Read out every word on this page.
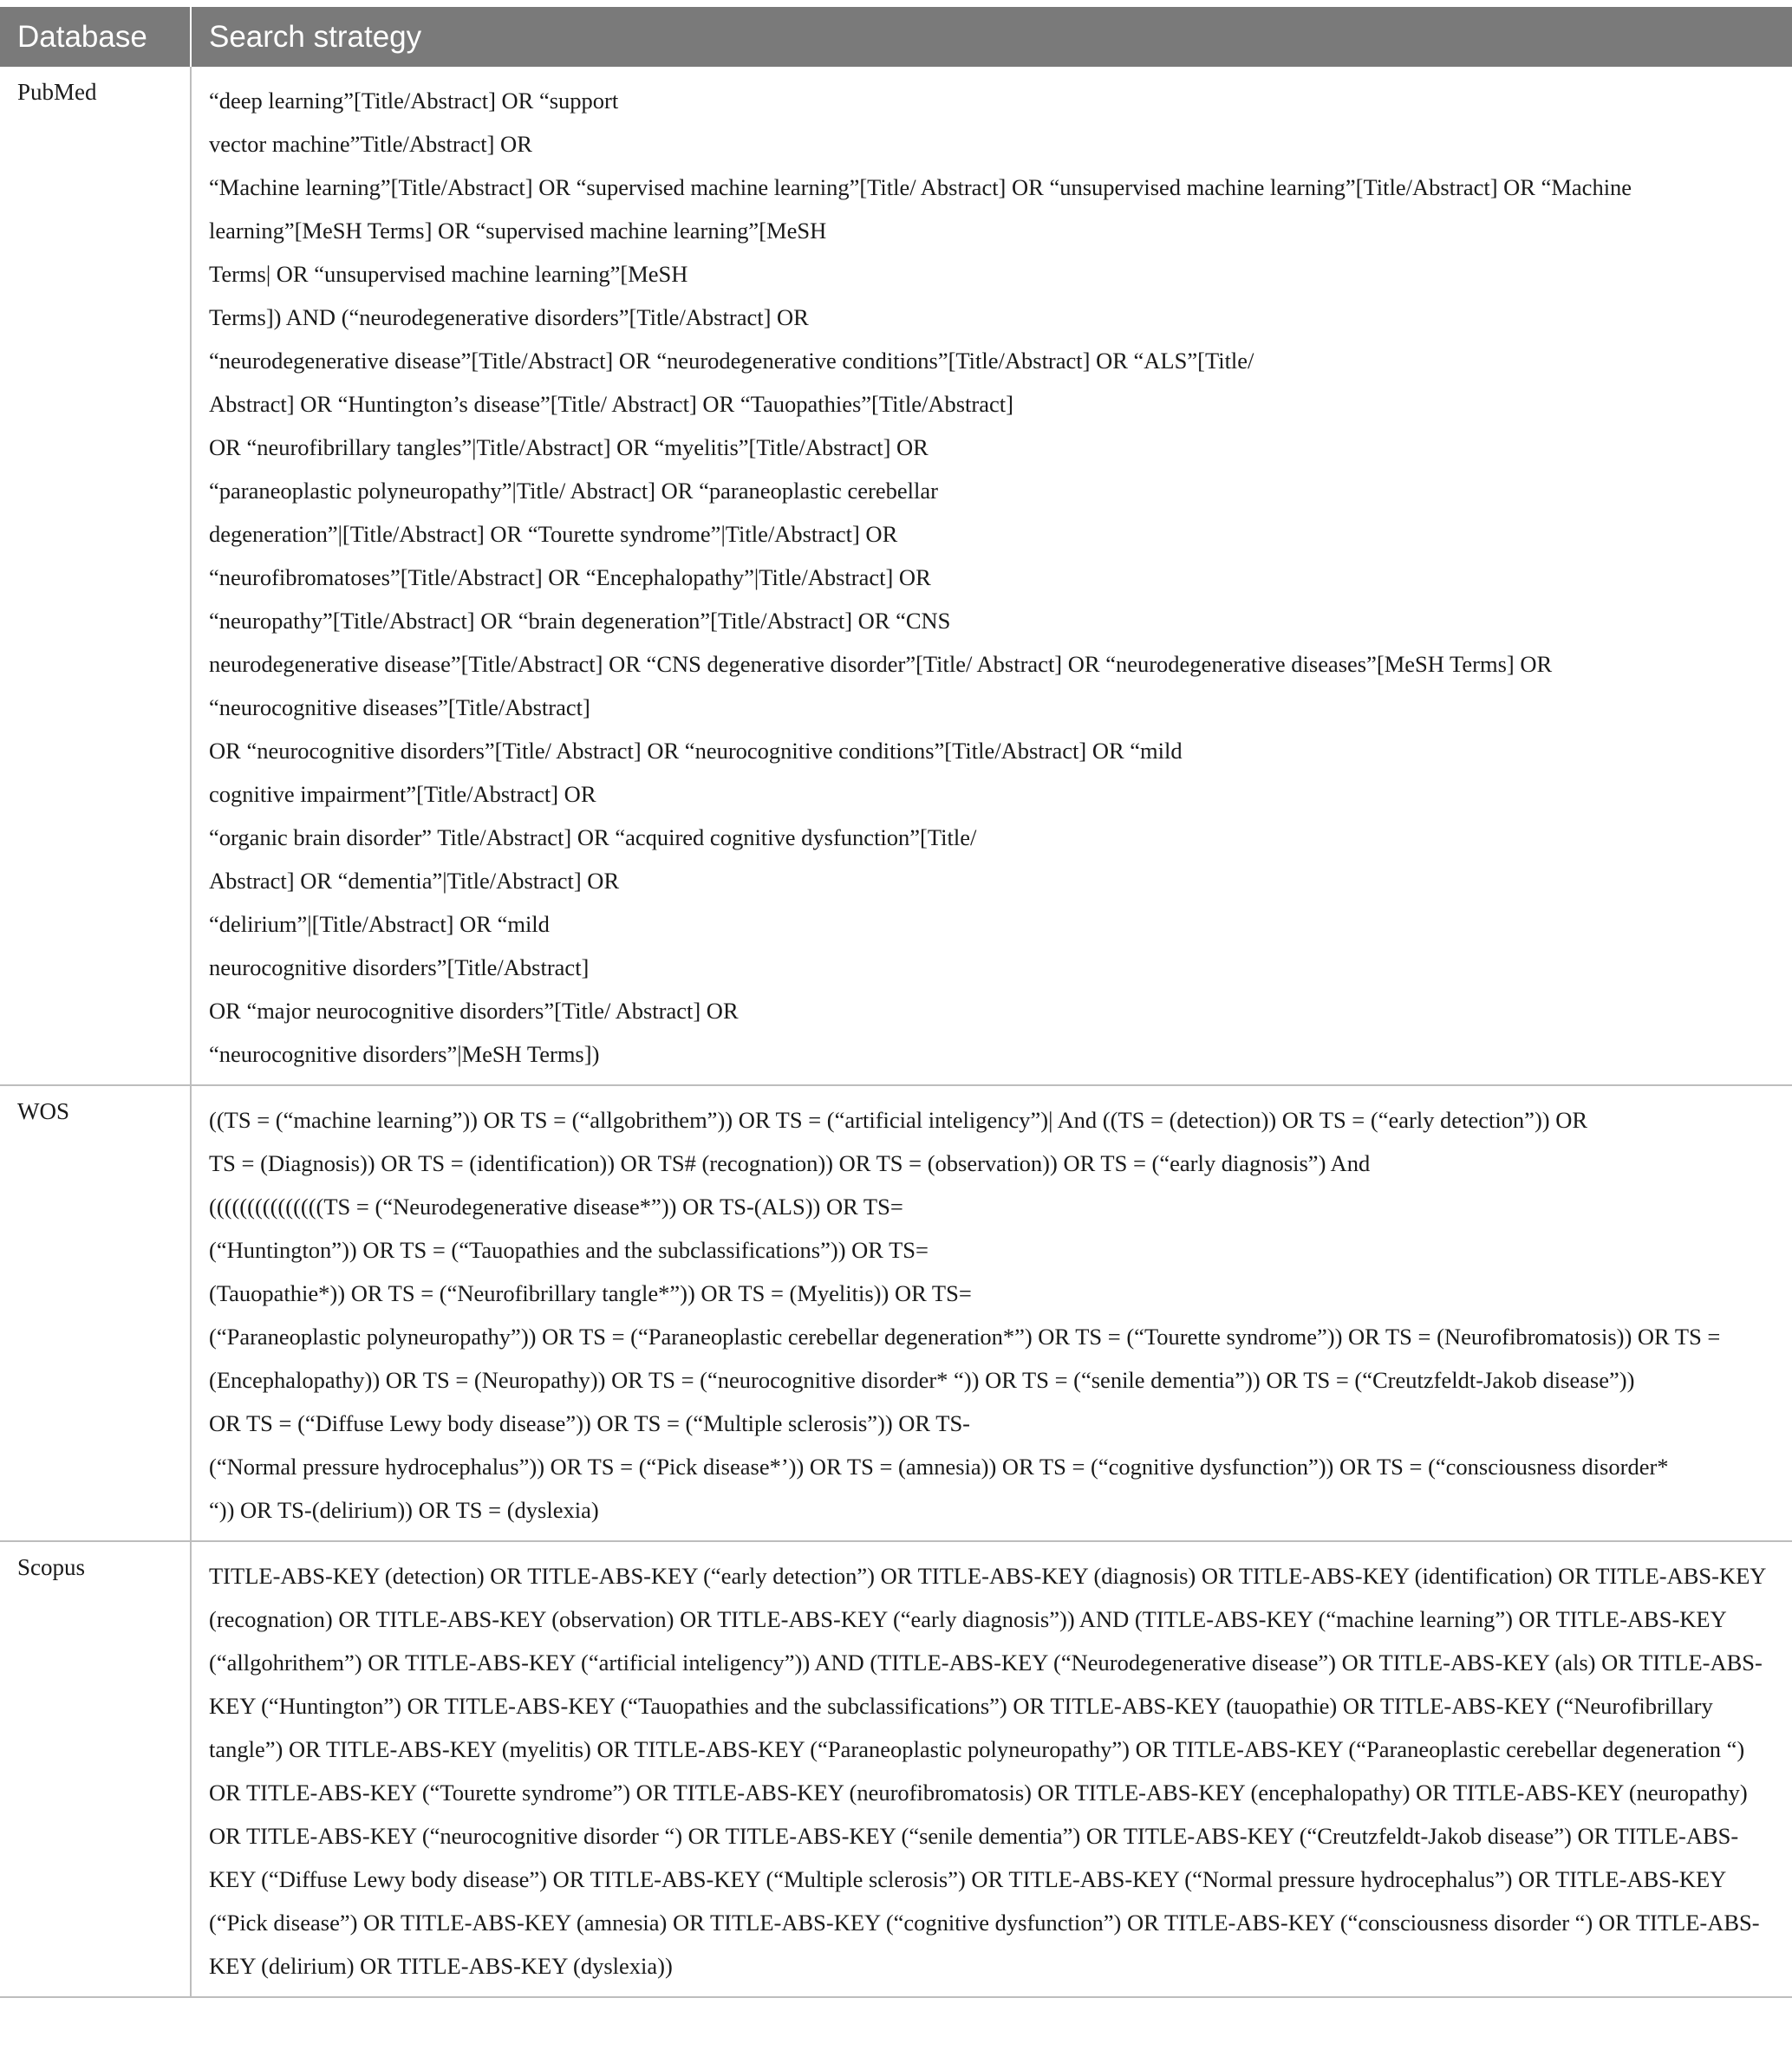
Database	Search strategy
PubMed	“deep learning”[Title/Abstract] OR “support
vector machine”Title/Abstract] OR
“Machine learning”[Title/Abstract] OR “supervised machine learning”[Title/ Abstract] OR “unsupervised machine learning”[Title/Abstract] OR “Machine learning”[MeSH Terms] OR “supervised machine learning”[MeSH
Terms| OR “unsupervised machine learning”[MeSH
Terms]) AND (“neurodegenerative disorders”[Title/Abstract] OR
“neurodegenerative disease”[Title/Abstract] OR “neurodegenerative conditions”[Title/Abstract] OR “ALS”[Title/
Abstract] OR “Huntington’s disease”[Title/ Abstract] OR “Tauopathies”[Title/Abstract]
OR “neurofibrillary tangles”|Title/Abstract] OR “myelitis”[Title/Abstract] OR
“paraneoplastic polyneuropathy”|Title/ Abstract] OR “paraneoplastic cerebellar
degeneration”|[Title/Abstract] OR “Tourette syndrome”|Title/Abstract] OR
“neurofibromatoses”[Title/Abstract] OR “Encephalopathy”|Title/Abstract] OR
“neuropathy”[Title/Abstract] OR “brain degeneration”[Title/Abstract] OR “CNS
neurodegenerative disease”[Title/Abstract] OR “CNS degenerative disorder”[Title/ Abstract] OR “neurodegenerative diseases”[MeSH Terms] OR
“neurocognitive diseases”[Title/Abstract]
OR “neurocognitive disorders”[Title/ Abstract] OR “neurocognitive conditions”[Title/Abstract] OR “mild
cognitive impairment”[Title/Abstract] OR
“organic brain disorder” Title/Abstract] OR “acquired cognitive dysfunction”[Title/
Abstract] OR “dementia”|Title/Abstract] OR
“delirium”|[Title/Abstract] OR “mild
neurocognitive disorders”[Title/Abstract]
OR “major neurocognitive disorders”[Title/ Abstract] OR
“neurocognitive disorders”|MeSH Terms])
WOS	((TS = (“machine learning”)) OR TS = (“allgobrithem”)) OR TS = (“artificial inteligency”)| And ((TS = (detection)) OR TS = (“early detection”)) OR
TS = (Diagnosis)) OR TS = (identification)) OR TS# (recognation)) OR TS = (observation)) OR TS = (“early diagnosis”) And
(((((((((((((((TS = (“Neurodegenerative disease*”)) OR TS-(ALS)) OR TS=
(“Huntington”)) OR TS = (“Tauopathies and the subclassifications”)) OR TS=
(Tauopathie*)) OR TS = (“Neurofibrillary tangle*”)) OR TS = (Myelitis)) OR TS=
(“Paraneoplastic polyneuropathy”)) OR TS = (“Paraneoplastic cerebellar degeneration*”) OR TS = (“Tourette syndrome”)) OR TS = (Neurofibromatosis)) OR TS = (Encephalopathy)) OR TS = (Neuropathy)) OR TS = (“neurocognitive disorder* “)) OR TS = (“senile dementia”)) OR TS = (“Creutzfeldt-Jakob disease”))
OR TS = (“Diffuse Lewy body disease”)) OR TS = (“Multiple sclerosis”)) OR TS-
(“Normal pressure hydrocephalus”)) OR TS = (“Pick disease*’)) OR TS = (amnesia)) OR TS = (“cognitive dysfunction”)) OR TS = (“consciousness disorder*
“)) OR TS-(delirium)) OR TS = (dyslexia)
Scopus	TITLE-ABS-KEY (detection) OR TITLE-ABS-KEY (“early detection”) OR TITLE-ABS-KEY (diagnosis) OR TITLE-ABS-KEY (identification) OR TITLE-ABS-KEY (recognation) OR TITLE-ABS-KEY (observation) OR TITLE-ABS-KEY (“early diagnosis”)) AND (TITLE-ABS-KEY (“machine learning”) OR TITLE-ABS-KEY (“allgohrithem”) OR TITLE-ABS-KEY (“artificial inteligency”)) AND (TITLE-ABS-KEY (“Neurodegenerative disease”) OR TITLE-ABS-KEY (als) OR TITLE-ABS-KEY (“Huntington”) OR TITLE-ABS-KEY (“Tauopathies and the subclassifications”) OR TITLE-ABS-KEY (tauopathie) OR TITLE-ABS-KEY (“Neurofibrillary tangle”) OR TITLE-ABS-KEY (myelitis) OR TITLE-ABS-KEY (“Paraneoplastic polyneuropathy”) OR TITLE-ABS-KEY (“Paraneoplastic cerebellar degeneration “) OR TITLE-ABS-KEY (“Tourette syndrome”) OR TITLE-ABS-KEY (neurofibromatosis) OR TITLE-ABS-KEY (encephalopathy) OR TITLE-ABS-KEY (neuropathy) OR TITLE-ABS-KEY (“neurocognitive disorder “) OR TITLE-ABS-KEY (“senile dementia”) OR TITLE-ABS-KEY (“Creutzfeldt-Jakob disease”) OR TITLE-ABS-KEY (“Diffuse Lewy body disease”) OR TITLE-ABS-KEY (“Multiple sclerosis”) OR TITLE-ABS-KEY (“Normal pressure hydrocephalus”) OR TITLE-ABS-KEY (“Pick disease”) OR TITLE-ABS-KEY (amnesia) OR TITLE-ABS-KEY (“cognitive dysfunction”) OR TITLE-ABS-KEY (“consciousness disorder “) OR TITLE-ABS-KEY (delirium) OR TITLE-ABS-KEY (dyslexia))
